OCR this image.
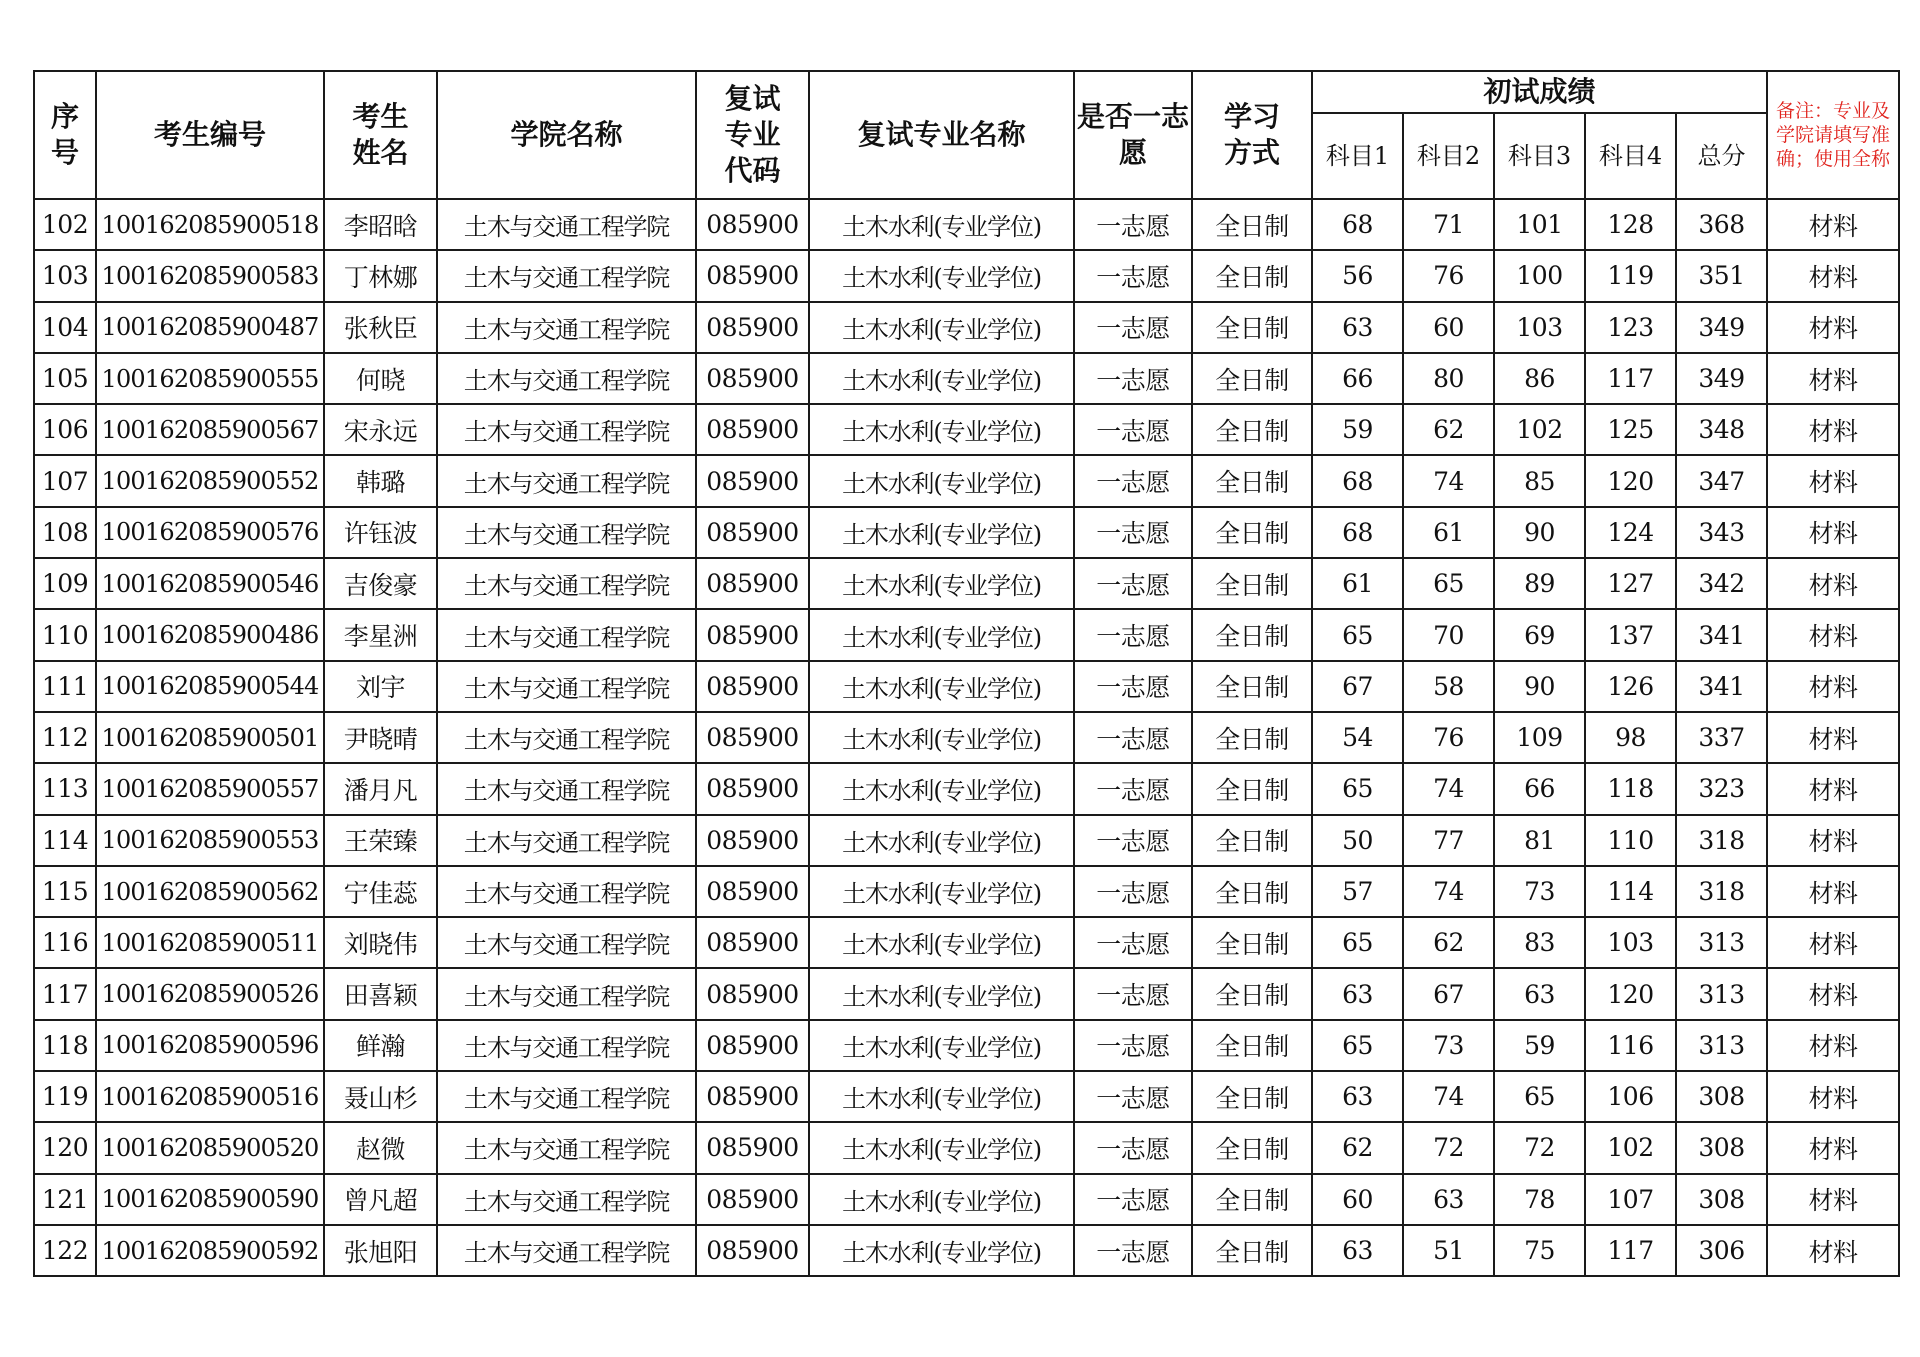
序号	考生编号	考生姓名	学院名称	复试专业代码	复试专业名称	是否一志愿	学习方式	初试成绩					备注：专业及学院请填写准确；使用全称
								科目1	科目2	科目3	科目4	总分	
102	100162085900518	李昭晗	土木与交通工程学院	085900	土木水利(专业学位)	一志愿	全日制	68	71	101	128	368	材料
103	100162085900583	丁林娜	土木与交通工程学院	085900	土木水利(专业学位)	一志愿	全日制	56	76	100	119	351	材料
104	100162085900487	张秋臣	土木与交通工程学院	085900	土木水利(专业学位)	一志愿	全日制	63	60	103	123	349	材料
105	100162085900555	何晓	土木与交通工程学院	085900	土木水利(专业学位)	一志愿	全日制	66	80	86	117	349	材料
106	100162085900567	宋永远	土木与交通工程学院	085900	土木水利(专业学位)	一志愿	全日制	59	62	102	125	348	材料
107	100162085900552	韩璐	土木与交通工程学院	085900	土木水利(专业学位)	一志愿	全日制	68	74	85	120	347	材料
108	100162085900576	许钰波	土木与交通工程学院	085900	土木水利(专业学位)	一志愿	全日制	68	61	90	124	343	材料
109	100162085900546	吉俊豪	土木与交通工程学院	085900	土木水利(专业学位)	一志愿	全日制	61	65	89	127	342	材料
110	100162085900486	李星洲	土木与交通工程学院	085900	土木水利(专业学位)	一志愿	全日制	65	70	69	137	341	材料
111	100162085900544	刘宇	土木与交通工程学院	085900	土木水利(专业学位)	一志愿	全日制	67	58	90	126	341	材料
112	100162085900501	尹晓晴	土木与交通工程学院	085900	土木水利(专业学位)	一志愿	全日制	54	76	109	98	337	材料
113	100162085900557	潘月凡	土木与交通工程学院	085900	土木水利(专业学位)	一志愿	全日制	65	74	66	118	323	材料
114	100162085900553	王荣臻	土木与交通工程学院	085900	土木水利(专业学位)	一志愿	全日制	50	77	81	110	318	材料
115	100162085900562	宁佳蕊	土木与交通工程学院	085900	土木水利(专业学位)	一志愿	全日制	57	74	73	114	318	材料
116	100162085900511	刘晓伟	土木与交通工程学院	085900	土木水利(专业学位)	一志愿	全日制	65	62	83	103	313	材料
117	100162085900526	田喜颖	土木与交通工程学院	085900	土木水利(专业学位)	一志愿	全日制	63	67	63	120	313	材料
118	100162085900596	鲜瀚	土木与交通工程学院	085900	土木水利(专业学位)	一志愿	全日制	65	73	59	116	313	材料
119	100162085900516	聂山杉	土木与交通工程学院	085900	土木水利(专业学位)	一志愿	全日制	63	74	65	106	308	材料
120	100162085900520	赵微	土木与交通工程学院	085900	土木水利(专业学位)	一志愿	全日制	62	72	72	102	308	材料
121	100162085900590	曾凡超	土木与交通工程学院	085900	土木水利(专业学位)	一志愿	全日制	60	63	78	107	308	材料
122	100162085900592	张旭阳	土木与交通工程学院	085900	土木水利(专业学位)	一志愿	全日制	63	51	75	117	306	材料
